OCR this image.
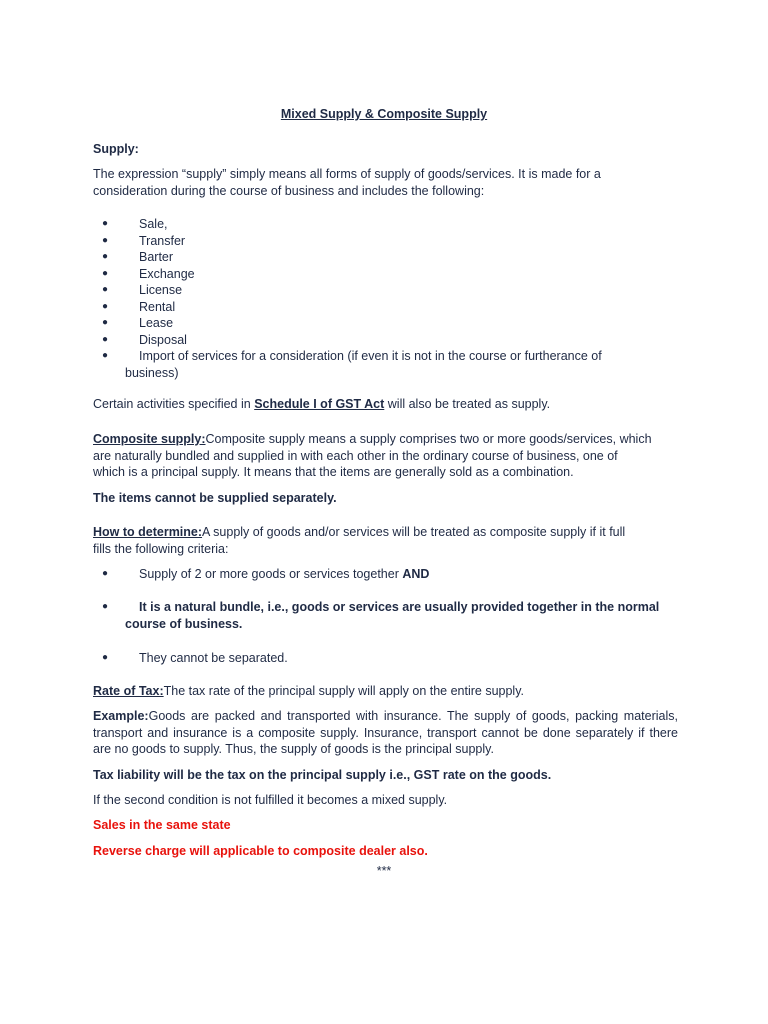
Mixed Supply & Composite Supply
Supply:
The expression “supply” simply means all forms of supply of goods/services. It is made for a
consideration during the course of business and includes the following:
● Sale,
● Transfer
● Barter
● Exchange
● License
● Rental
● Lease
● Disposal
● Import of services for a consideration (if even it is not in the course or furtherance of
business)
Certain activities specified in Schedule I of GST Act will also be treated as supply.
Composite supply:Composite supply means a supply comprises two or more goods/services, which
are naturally bundled and supplied in with each other in the ordinary course of business, one of
which is a principal supply. It means that the items are generally sold as a combination.
The items cannot be supplied separately.
How to determine:A supply of goods and/or services will be treated as composite supply if it full
fills the following criteria:
● Supply of 2 or more goods or services together AND
● It is a natural bundle, i.e., goods or services are usually provided together in the normal
course of business.
● They cannot be separated.
Rate of Tax:The tax rate of the principal supply will apply on the entire supply.
Example:Goods are packed and transported with insurance. The supply of goods, packing materials, transport and insurance is a composite supply. Insurance, transport cannot be done separately if there are no goods to supply. Thus, the supply of goods is the principal supply.
Tax liability will be the tax on the principal supply i.e., GST rate on the goods.
If the second condition is not fulfilled it becomes a mixed supply.
Sales in the same state
Reverse charge will applicable to composite dealer also.
***
